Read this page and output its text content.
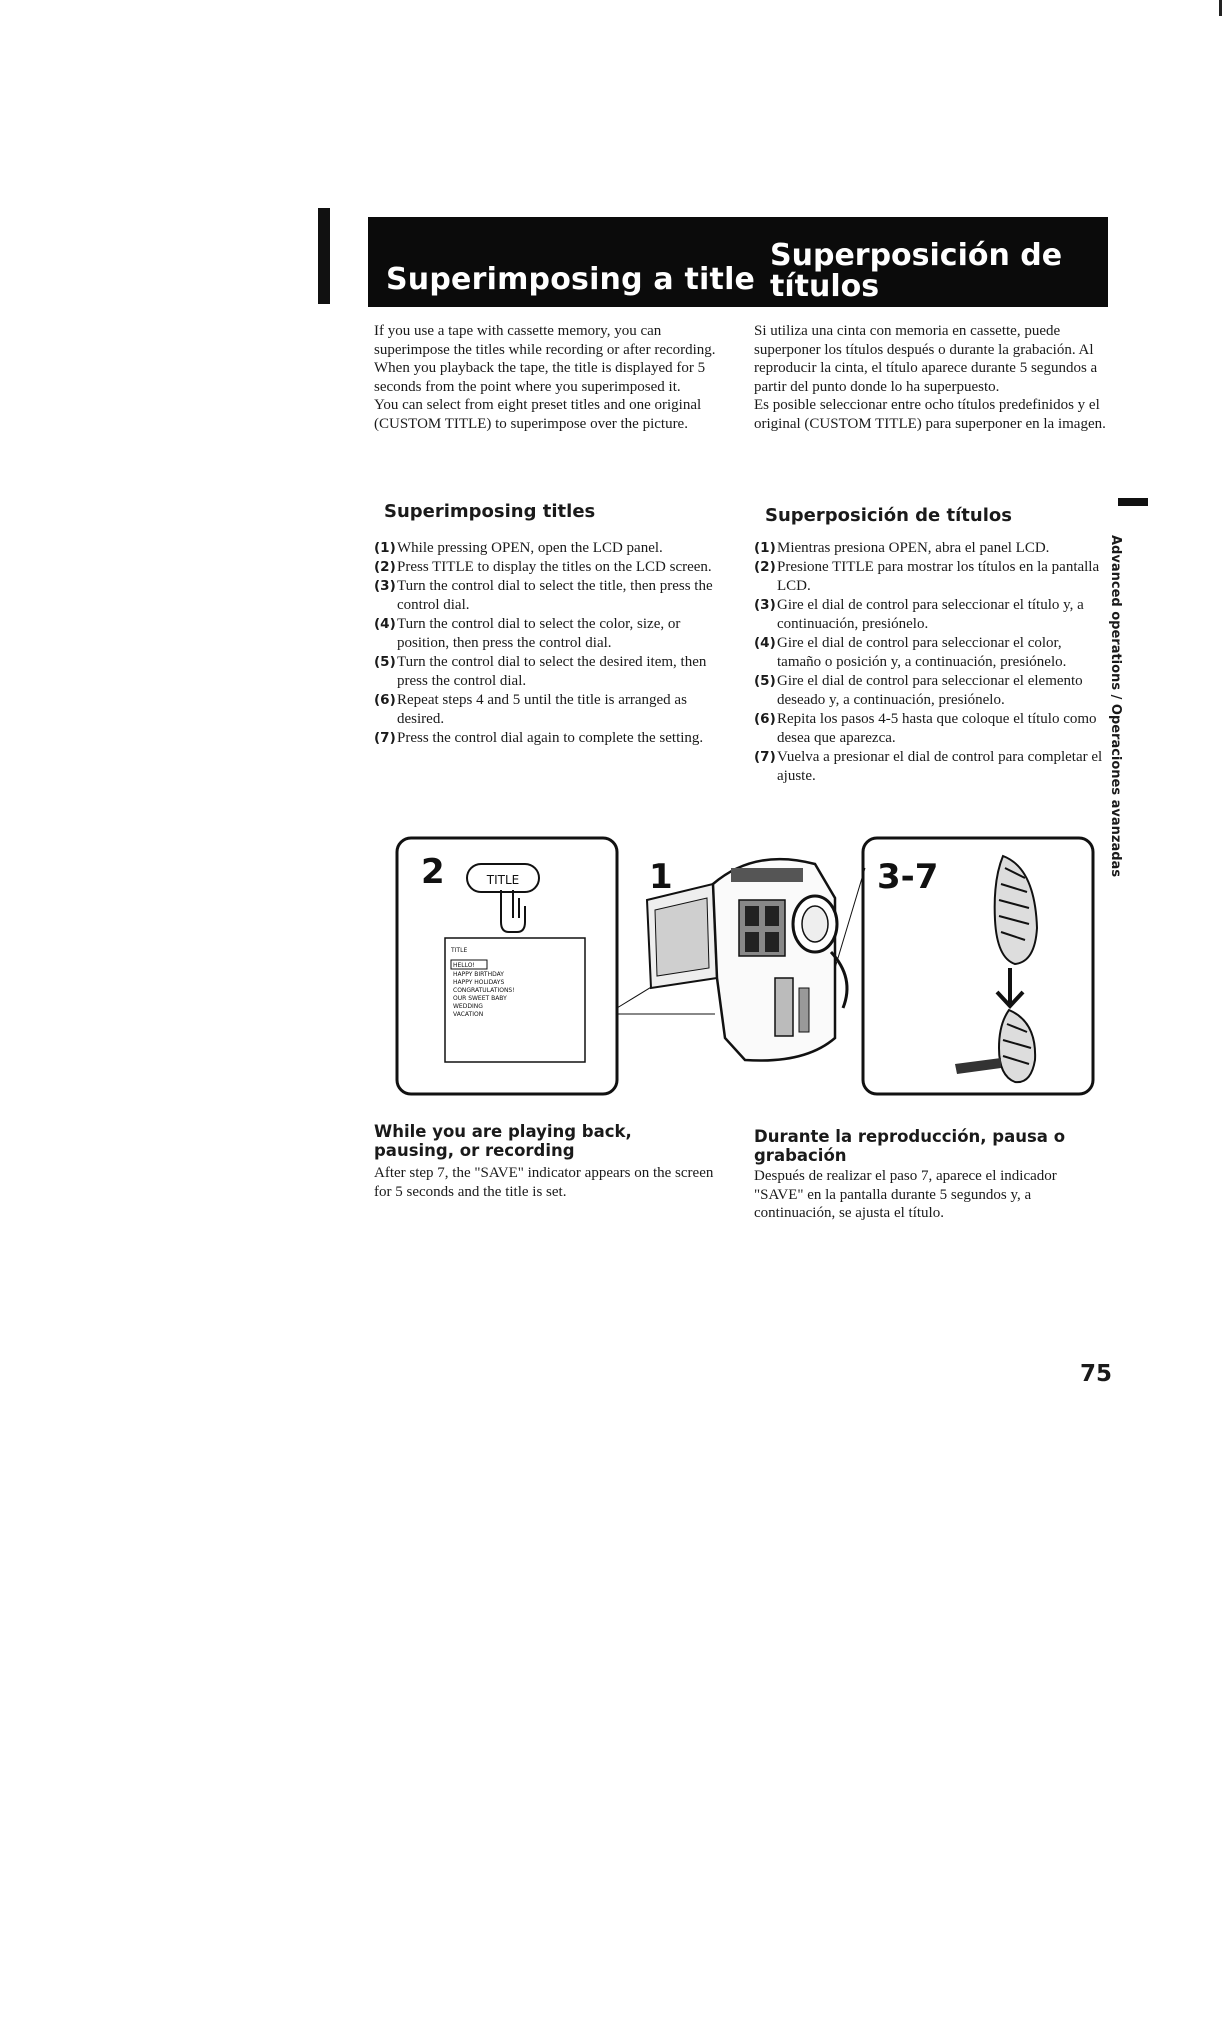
Superimposing a title
Superposición de títulos
If you use a tape with cassette memory, you can superimpose the titles while recording or after recording. When you playback the tape, the title is displayed for 5 seconds from the point where you superimposed it.
You can select from eight preset titles and one original (CUSTOM TITLE) to superimpose over the picture.
Si utiliza una cinta con memoria en cassette, puede superponer los títulos después o durante la grabación. Al reproducir la cinta, el título aparece durante 5 segundos a partir del punto donde lo ha superpuesto.
Es posible seleccionar entre ocho títulos predefinidos y el original (CUSTOM TITLE) para superponer en la imagen.
Superimposing titles	Superposición de títulos
(1) While pressing OPEN, open the LCD panel.
(2) Press TITLE to display the titles on the LCD screen.
(3) Turn the control dial to select the title, then press the control dial.
(4) Turn the control dial to select the color, size, or position, then press the control dial.
(5) Turn the control dial to select the desired item, then press the control dial.
(6) Repeat steps 4 and 5 until the title is arranged as desired.
(7) Press the control dial again to complete the setting.
(1) Mientras presiona OPEN, abra el panel LCD.
(2) Presione TITLE para mostrar los títulos en la pantalla LCD.
(3) Gire el dial de control para seleccionar el título y, a continuación, presiónelo.
(4) Gire el dial de control para seleccionar el color, tamaño o posición y, a continuación, presiónelo.
(5) Gire el dial de control para seleccionar el elemento deseado y, a continuación, presiónelo.
(6) Repita los pasos 4-5 hasta que coloque el título como desea que aparezca.
(7) Vuelva a presionar el dial de control para completar el ajuste.	Advanced operations / Operaciones avanzadas
2	TITLE
TITLE
HELLO!
HAPPY BIRTHDAY
HAPPY HOLIDAYS
CONGRATULATIONS!
OUR SWEET BABY
WEDDING
VACATION
1	3-7
While you are playing back, pausing, or recording
After step 7, the "SAVE" indicator appears on the screen for 5 seconds and the title is set.
Durante la reproducción, pausa o grabación
Después de realizar el paso 7, aparece el indicador "SAVE" en la pantalla durante 5 segundos y, a continuación, se ajusta el título.
75
